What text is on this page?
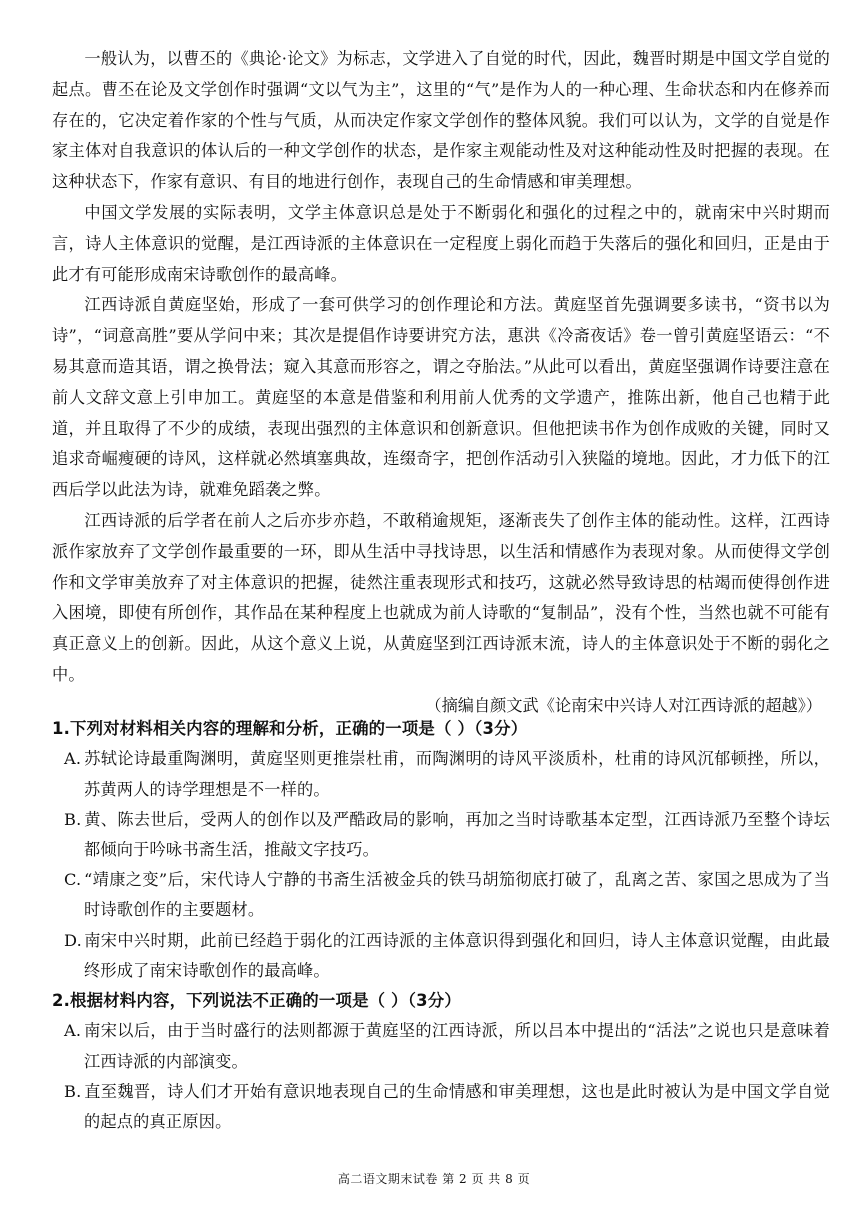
一般认为，以曹丕的《典论·论文》为标志，文学进入了自觉的时代，因此，魏晋时期是中国文学自觉的起点。曹丕在论及文学创作时强调“文以气为主”，这里的“气”是作为人的一种心理、生命状态和内在修养而存在的，它决定着作家的个性与气质，从而决定作家文学创作的整体风貌。我们可以认为，文学的自觉是作家主体对自我意识的体认后的一种文学创作的状态，是作家主观能动性及对这种能动性及时把握的表现。在这种状态下，作家有意识、有目的地进行创作，表现自己的生命情感和审美理想。

中国文学发展的实际表明，文学主体意识总是处于不断弱化和强化的过程之中的，就南宋中兴时期而言，诗人主体意识的觉醒，是江西诗派的主体意识在一定程度上弱化而趋于失落后的强化和回归，正是由于此才有可能形成南宋诗歌创作的最高峰。

江西诗派自黄庭坚始，形成了一套可供学习的创作理论和方法。黄庭坚首先强调要多读书，“资书以为诗”，“词意高胜”要从学问中来；其次是提倡作诗要讲究方法，惠洪《冷斋夜话》卷一曾引黄庭坚语云：“不易其意而造其语，谓之换骨法；窥入其意而形容之，谓之夺胎法。”从此可以看出，黄庭坚强调作诗要注意在前人文辞文意上引申加工。黄庭坚的本意是借鉴和利用前人优秀的文学遗产，推陈出新，他自己也精于此道，并且取得了不少的成绩，表现出强烈的主体意识和创新意识。但他把读书作为创作成败的关键，同时又追求奇崛瘦硬的诗风，这样就必然填塞典故，连缀奇字，把创作活动引入狭隘的境地。因此，才力低下的江西后学以此法为诗，就难免蹈袭之弊。

江西诗派的后学者在前人之后亦步亦趋，不敢稍逾规矩，逐渐丧失了创作主体的能动性。这样，江西诗派作家放弃了文学创作最重要的一环，即从生活中寻找诗思，以生活和情感作为表现对象。从而使得文学创作和文学审美放弃了对主体意识的把握，徒然注重表现形式和技巧，这就必然导致诗思的枯竭而使得创作进入困境，即使有所创作，其作品在某种程度上也就成为前人诗歌的“复制品”，没有个性，当然也就不可能有真正意义上的创新。因此，从这个意义上说，从黄庭坚到江西诗派末流，诗人的主体意识处于不断的弱化之中。

（摘编自颜文武《论南宋中兴诗人对江西诗派的超越》）

1.下列对材料相关内容的理解和分析，正确的一项是（ ）（3分）

A. 苏轼论诗最重陶渊明，黄庭坚则更推崇杜甫，而陶渊明的诗风平淡质朴，杜甫的诗风沉郁顿挫，所以，苏黄两人的诗学理想是不一样的。

B. 黄、陈去世后，受两人的创作以及严酷政局的影响，再加之当时诗歌基本定型，江西诗派乃至整个诗坛都倾向于吟咏书斋生活，推敲文字技巧。

C. “靖康之变”后，宋代诗人宁静的书斋生活被金兵的铁马胡笳彻底打破了，乱离之苦、家国之思成为了当时诗歌创作的主要题材。

D. 南宋中兴时期，此前已经趋于弱化的江西诗派的主体意识得到强化和回归，诗人主体意识觉醒，由此最终形成了南宋诗歌创作的最高峰。

2.根据材料内容，下列说法不正确的一项是（ ）（3分）

A. 南宋以后，由于当时盛行的法则都源于黄庭坚的江西诗派，所以吕本中提出的“活法”之说也只是意味着江西诗派的内部演变。

B. 直至魏晋，诗人们才开始有意识地表现自己的生命情感和审美理想，这也是此时被认为是中国文学自觉的起点的真正原因。

高二语文期末试卷 第 2 页 共 8 页
